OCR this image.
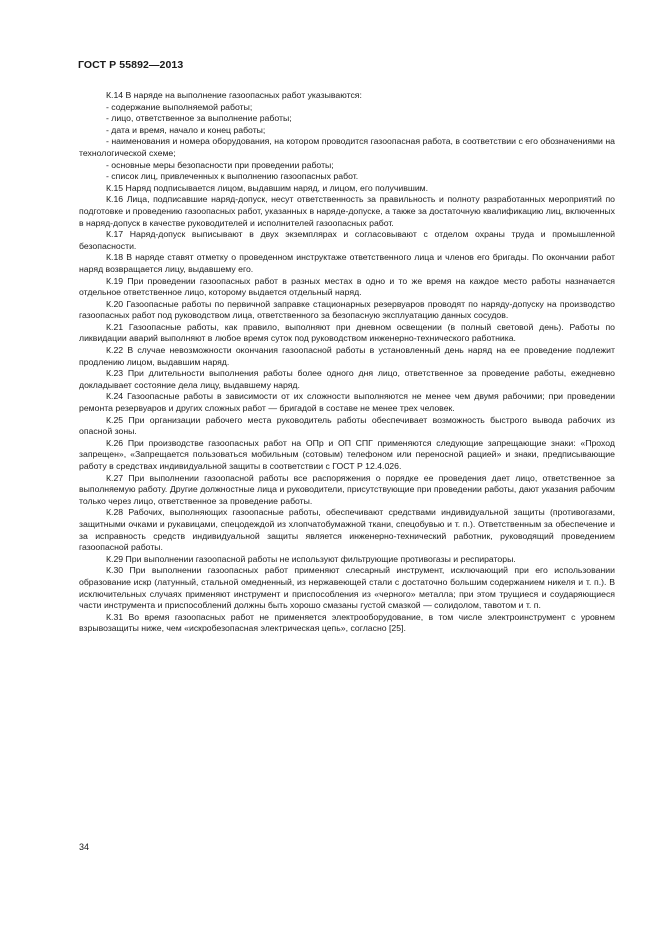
ГОСТ Р 55892—2013

К.14 В наряде на выполнение газоопасных работ указываются:

- содержание выполняемой работы;

- лицо, ответственное за выполнение работы;

- дата и время, начало и конец работы;

- наименования и номера оборудования, на котором проводится газоопасная работа, в соответствии с его обозначениями на технологической схеме;

- основные меры безопасности при проведении работы;

- список лиц, привлеченных к выполнению газоопасных работ.

К.15 Наряд подписывается лицом, выдавшим наряд, и лицом, его получившим.

К.16 Лица, подписавшие наряд-допуск, несут ответственность за правильность и полноту разработанных мероприятий по подготовке и проведению газоопасных работ, указанных в наряде-допуске, а также за достаточную квалификацию лиц, включенных в наряд-допуск в качестве руководителей и исполнителей газоопасных работ.

К.17 Наряд-допуск выписывают в двух экземплярах и согласовывают с отделом охраны труда и промышленной безопасности.

К.18 В наряде ставят отметку о проведенном инструктаже ответственного лица и членов его бригады. По окончании работ наряд возвращается лицу, выдавшему его.

К.19 При проведении газоопасных работ в разных местах в одно и то же время на каждое место работы назначается отдельное ответственное лицо, которому выдается отдельный наряд.

К.20 Газоопасные работы по первичной заправке стационарных резервуаров проводят по наряду-допуску на производство газоопасных работ под руководством лица, ответственного за безопасную эксплуатацию данных сосудов.

К.21 Газоопасные работы, как правило, выполняют при дневном освещении (в полный световой день). Работы по ликвидации аварий выполняют в любое время суток под руководством инженерно-технического работника.

К.22 В случае невозможности окончания газоопасной работы в установленный день наряд на ее проведение подлежит продлению лицом, выдавшим наряд.

К.23 При длительности выполнения работы более одного дня лицо, ответственное за проведение работы, ежедневно докладывает состояние дела лицу, выдавшему наряд.

К.24 Газоопасные работы в зависимости от их сложности выполняются не менее чем двумя рабочими; при проведении ремонта резервуаров и других сложных работ — бригадой в составе не менее трех человек.

К.25 При организации рабочего места руководитель работы обеспечивает возможность быстрого вывода рабочих из опасной зоны.

К.26 При производстве газоопасных работ на ОПр и ОП СПГ применяются следующие запрещающие знаки: «Проход запрещен», «Запрещается пользоваться мобильным (сотовым) телефоном или переносной рацией» и знаки, предписывающие работу в средствах индивидуальной защиты в соответствии с ГОСТ Р 12.4.026.

К.27 При выполнении газоопасной работы все распоряжения о порядке ее проведения дает лицо, ответственное за выполняемую работу. Другие должностные лица и руководители, присутствующие при проведении работы, дают указания рабочим только через лицо, ответственное за проведение работы.

К.28 Рабочих, выполняющих газоопасные работы, обеспечивают средствами индивидуальной защиты (противогазами, защитными очками и рукавицами, спецодеждой из хлопчатобумажной ткани, спецобувью и т. п.). Ответственным за обеспечение и за исправность средств индивидуальной защиты является инженерно-технический работник, руководящий проведением газоопасной работы.

К.29 При выполнении газоопасной работы не используют фильтрующие противогазы и респираторы.

К.30 При выполнении газоопасных работ применяют слесарный инструмент, исключающий при его использовании образование искр (латунный, стальной омедненный, из нержавеющей стали с достаточно большим содержанием никеля и т. п.). В исключительных случаях применяют инструмент и приспособления из «черного» металла; при этом трущиеся и соударяющиеся части инструмента и приспособлений должны быть хорошо смазаны густой смазкой — солидолом, тавотом и т. п.

К.31 Во время газоопасных работ не применяется электрооборудование, в том числе электроинструмент с уровнем взрывозащиты ниже, чем «искробезопасная электрическая цепь», согласно [25].

34
